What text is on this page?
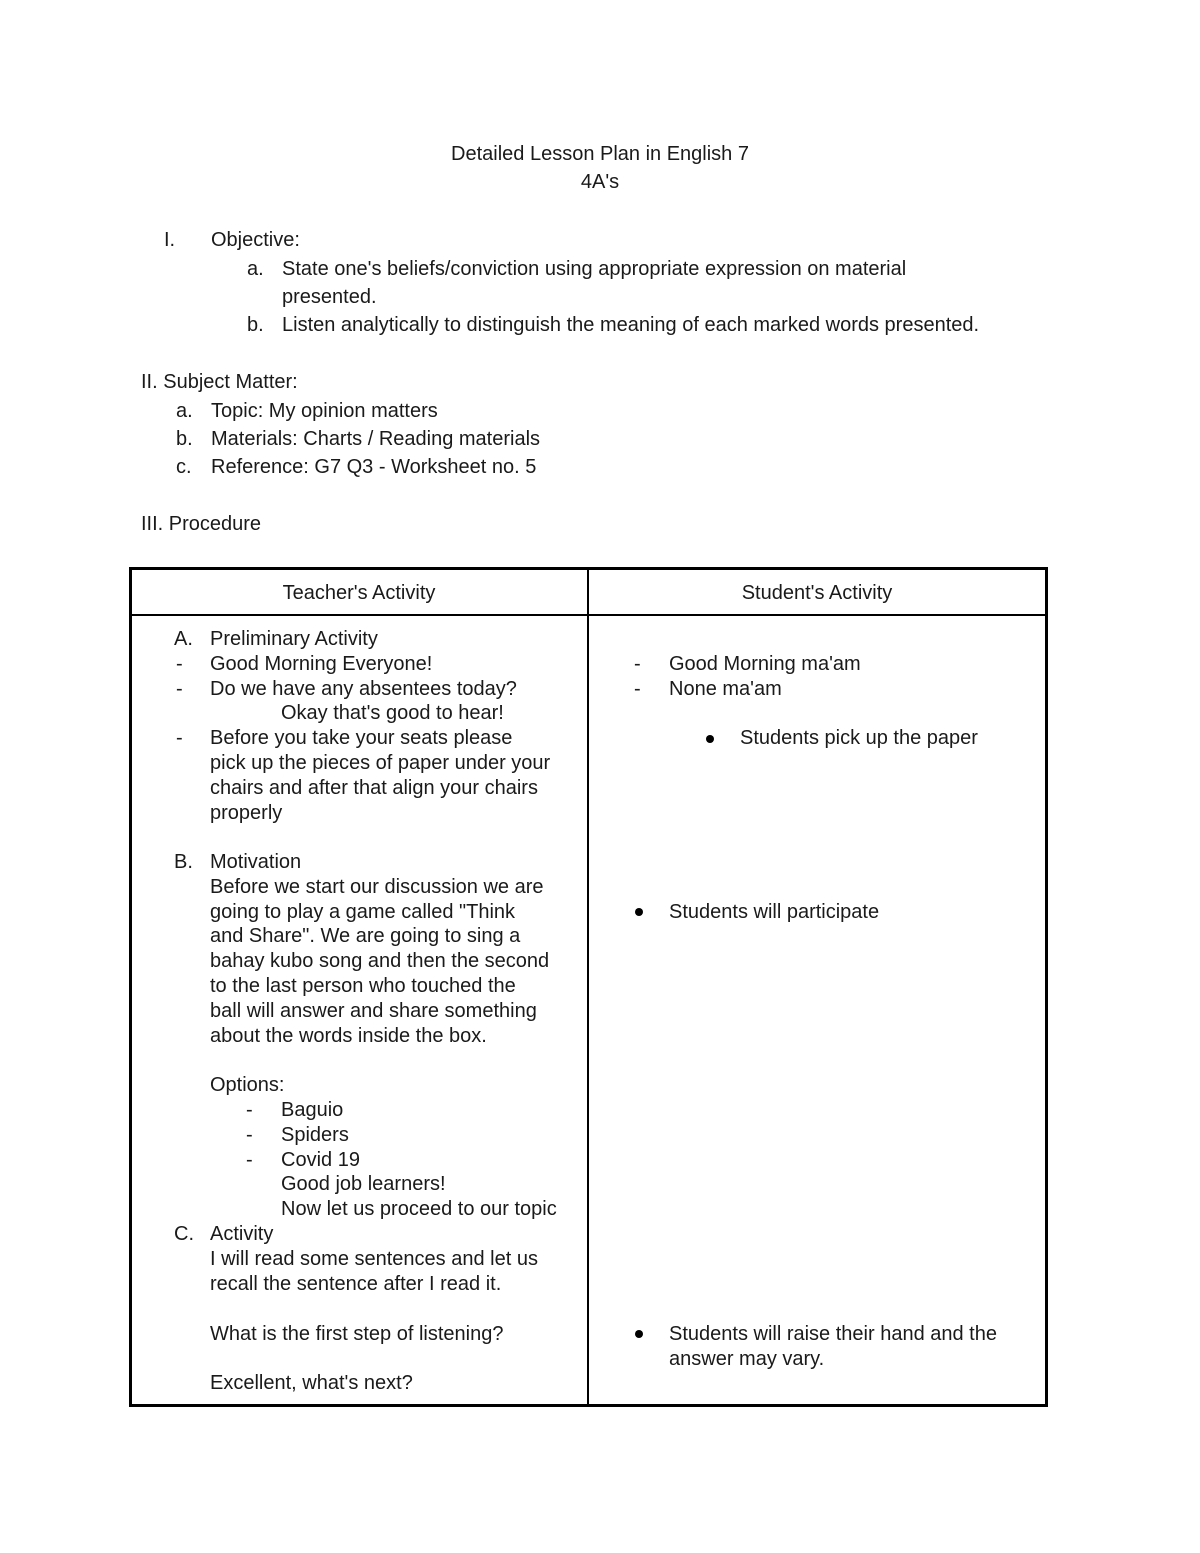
Detailed Lesson Plan in English 7
4A's
I. Objective:
a. State one's beliefs/conviction using appropriate expression on material
presented.
b. Listen analytically to distinguish the meaning of each marked words presented.
II. Subject Matter:
a. Topic: My opinion matters
b. Materials: Charts / Reading materials
c. Reference: G7 Q3 - Worksheet no. 5
III. Procedure
Teacher's Activity	Student's Activity
A. Preliminary Activity
- Good Morning Everyone!
- Do we have any absentees today?
Okay that's good to hear!
- Before you take your seats please
pick up the pieces of paper under your
chairs and after that align your chairs
properly
B. Motivation
Before we start our discussion we are
going to play a game called "Think
and Share". We are going to sing a
bahay kubo song and then the second
to the last person who touched the
ball will answer and share something
about the words inside the box.
Options:
- Baguio
- Spiders
- Covid 19
Good job learners!
Now let us proceed to our topic
C. Activity
I will read some sentences and let us
recall the sentence after I read it.
What is the first step of listening?
Excellent, what's next?
- Good Morning ma'am
- None ma'am
Students pick up the paper
Students will participate
Students will raise their hand and the
answer may vary.
